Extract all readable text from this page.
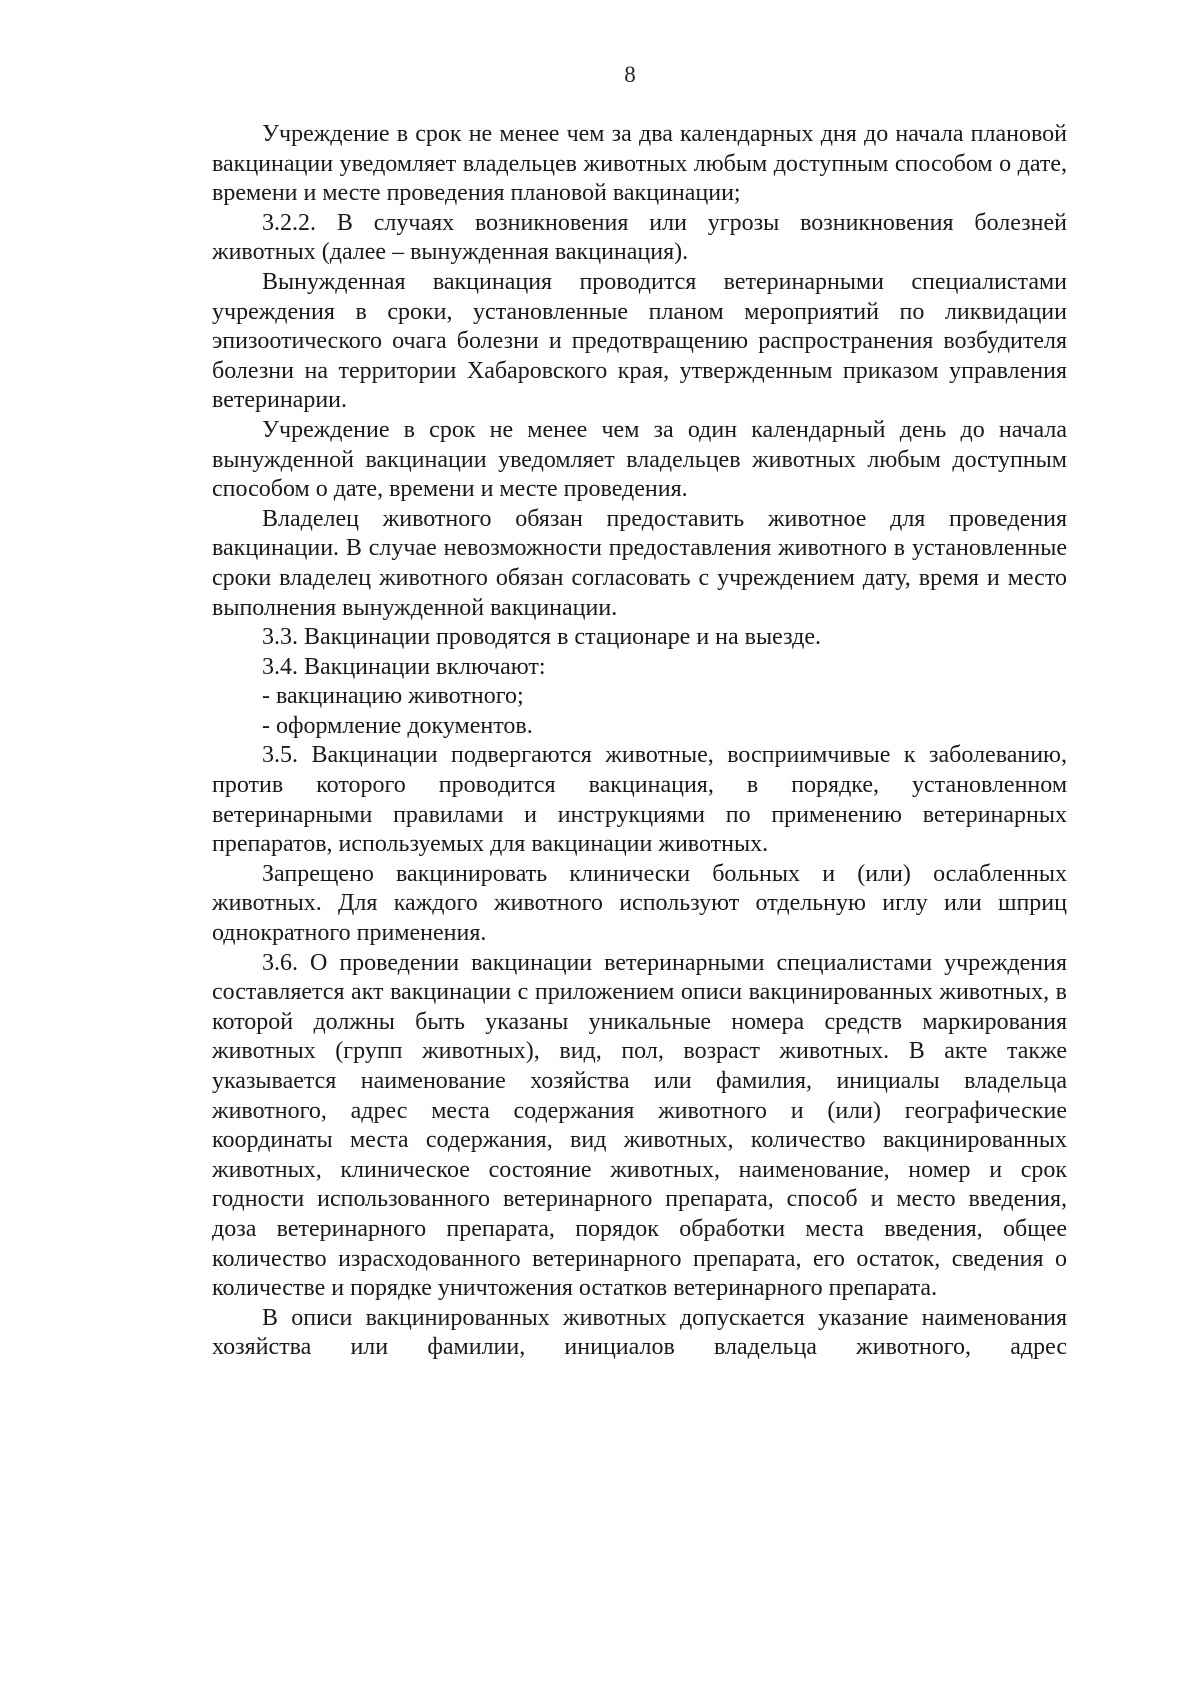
8

Учреждение в срок не менее чем за два календарных дня до начала плановой вакцинации уведомляет владельцев животных любым доступным способом о дате, времени и месте проведения плановой вакцинации;

3.2.2. В случаях возникновения или угрозы возникновения болезней животных (далее – вынужденная вакцинация).

Вынужденная вакцинация проводится ветеринарными специалистами учреждения в сроки, установленные планом мероприятий по ликвидации эпизоотического очага болезни и предотвращению распространения возбудителя болезни на территории Хабаровского края, утвержденным приказом управления ветеринарии.

Учреждение в срок не менее чем за один календарный день до начала вынужденной вакцинации уведомляет владельцев животных любым доступным способом о дате, времени и месте проведения.

Владелец животного обязан предоставить животное для проведения вакцинации. В случае невозможности предоставления животного в установленные сроки владелец животного обязан согласовать с учреждением дату, время и место выполнения вынужденной вакцинации.

3.3. Вакцинации проводятся в стационаре и на выезде.

3.4. Вакцинации включают:

- вакцинацию животного;

- оформление документов.

3.5. Вакцинации подвергаются животные, восприимчивые к заболеванию, против которого проводится вакцинация, в порядке, установленном ветеринарными правилами и инструкциями по применению ветеринарных препаратов, используемых для вакцинации животных.

Запрещено вакцинировать клинически больных и (или) ослабленных животных. Для каждого животного используют отдельную иглу или шприц однократного применения.

3.6. О проведении вакцинации ветеринарными специалистами учреждения составляется акт вакцинации с приложением описи вакцинированных животных, в которой должны быть указаны уникальные номера средств маркирования животных (групп животных), вид, пол, возраст животных. В акте также указывается наименование хозяйства или фамилия, инициалы владельца животного, адрес места содержания животного и (или) географические координаты места содержания, вид животных, количество вакцинированных животных, клиническое состояние животных, наименование, номер и срок годности использованного ветеринарного препарата, способ и место введения, доза ветеринарного препарата, порядок обработки места введения, общее количество израсходованного ветеринарного препарата, его остаток, сведения о количестве и порядке уничтожения остатков ветеринарного препарата.

В описи вакцинированных животных допускается указание наименования хозяйства или фамилии, инициалов владельца животного, адрес
